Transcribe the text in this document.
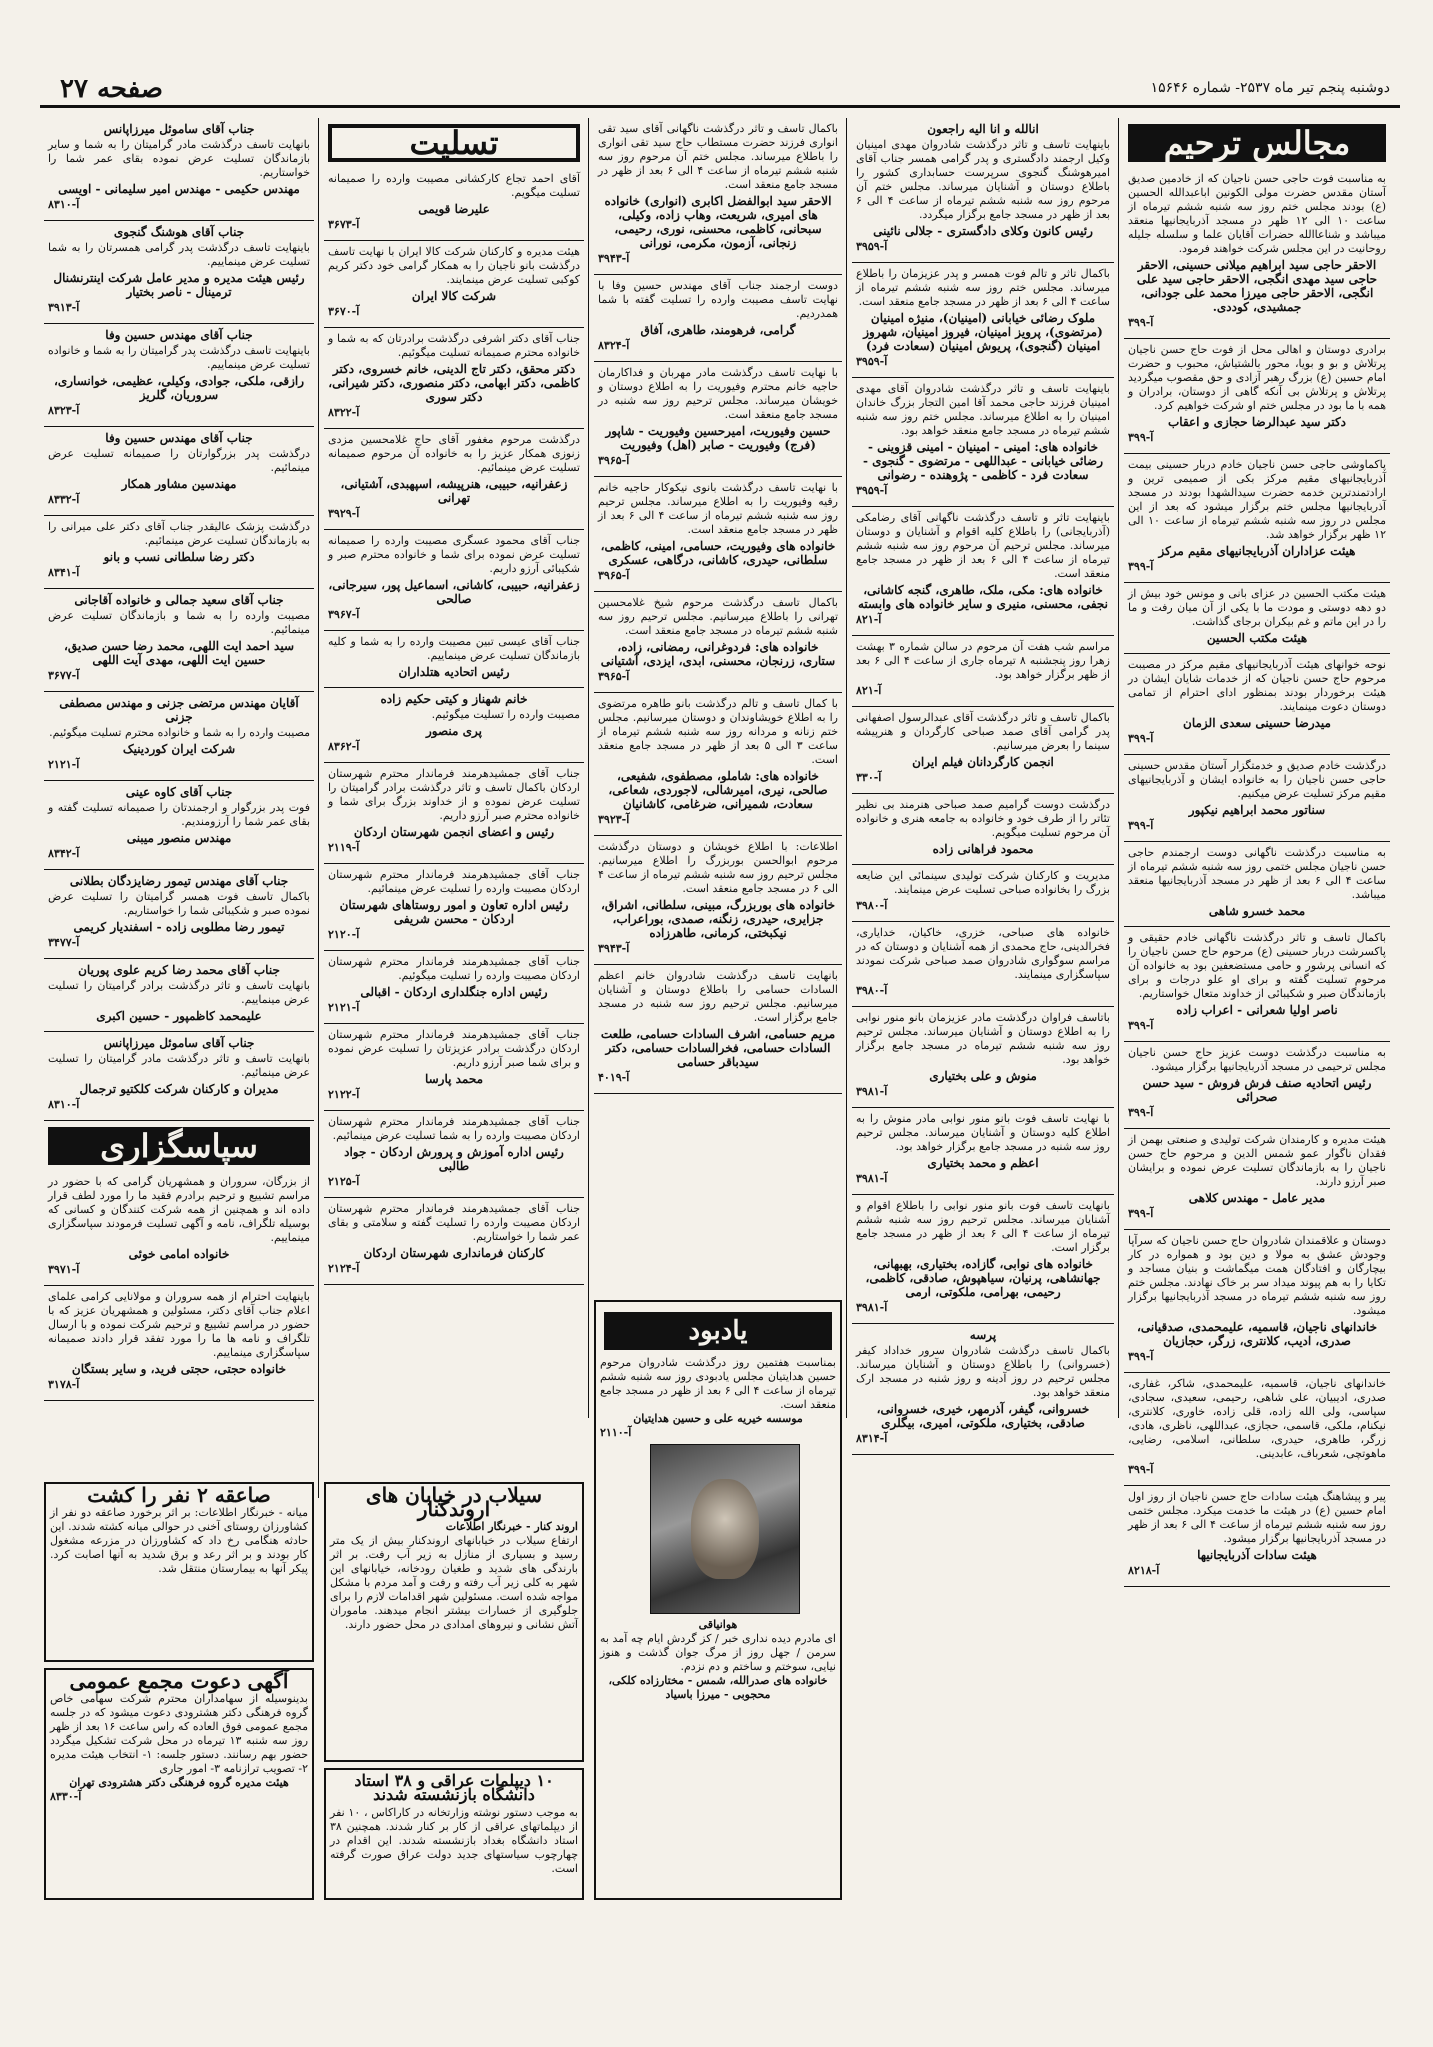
صفحه ۲۷	دوشنبه پنجم تیر ماه ۲۵۳۷- شماره ۱۵۶۴۶
مجالس ترحیم

به مناسبت فوت حاجی حسن ناجیان که از خادمین صدیق آستان مقدس حضرت مولی الکونین اباعبدالله الحسین (ع) بودند مجلس ختم روز سه شنبه ششم تیرماه از ساعت ۱۰ الی ۱۲ ظهر در مسجد آذربایجانیها منعقد میباشد و شناعاالله حضرات آقایان علما و سلسله جلیله روحانیت در این مجلس شرکت خواهند فرمود.

الاحقر حاجی سید ابراهیم میلانی حسینی، الاحقر حاجی سید مهدی انگجی، الاحقر حاجی سید علی انگجی، الاحقر حاجی میرزا محمد علی جودانی، جمشیدی، کوددی.

آ-۳۹۹

برادری دوستان و اهالی محل از فوت حاج حسن ناجیان پرتلاش و بو و بویا، محور بالشتیاش، محبوب و حضرت امام حسین (ع) بزرگ رهبر آزادی و حق مقصوب میگردید پرتلاش و پرتلاش بی آنکه گاهی از دوستان، برادران و همه با ما بود در مجلس ختم او شرکت خواهیم کرد.

دکتر سید عبدالرضا حجازی و اعقاب

آ-۳۹۹

پاکماوشی حاجی حسن ناجیان خادم دربار حسینی بیمت آذربایجانیهای مقیم مرکز بکی از صمیمی ترین و ارادتمندترین خدمه حضرت سیدالشهدا بودند در مسجد آذربایجانیها مجلس ختم برگزار میشود که بعد از این مجلس در روز سه شنبه ششم تیرماه از ساعت ۱۰ الی ۱۲ ظهر برگزار خواهد شد.

هیئت عزاداران آذربایجانیهای مقیم مرکز

آ-۳۹۹

هیئت مکتب الحسین در عزای بانی و مونس خود بیش از دو دهه دوستی و مودت ما با یکی از آن میان رفت و ما را در این ماتم و غم بیکران برجای گذاشت.

هیئت مکتب الحسین

نوحه خوانهای هیئت آذربایجانیهای مقیم مرکز در مصیبت مرحوم حاج حسن ناجیان که از خدمات شایان ایشان در هیئت برخوردار بودند بمنظور ادای احترام از تمامی دوستان دعوت مینمایند.

میدرضا حسینی سعدی الزمان

آ-۳۹۹

درگذشت خادم صدیق و خدمتگزار آستان مقدس حسینی حاجی حسن ناجیان را به خانواده ایشان و آذربایجانیهای مقیم مرکز تسلیت عرض میکنیم.

سناتور محمد ابراهیم نیکپور

آ-۳۹۹

به مناسبت درگذشت ناگهانی دوست ارجمندم حاجی حسن ناجیان مجلس ختمی روز سه شنبه ششم تیرماه از ساعت ۴ الی ۶ بعد از ظهر در مسجد آذربایجانیها منعقد میباشد.

محمد خسرو شاهی

باکمال تاسف و تاثر درگذشت ناگهانی خادم حقیقی و پاکسرشت دربار حسینی (ع) مرحوم حاج حسن ناجیان را که انسانی پرشور و حامی مستضعفین بود به خانواده آن مرحوم تسلیت گفته و برای او علو درجات و برای بازماندگان صبر و شکیبائی از خداوند متعال خواستاریم.

ناصر اولیا شعرانی - اعراب زاده

آ-۳۹۹

به مناسبت درگذشت دوست عزیز حاج حسن ناجیان مجلس ترحیمی در مسجد آذربایجانیها برگزار میشود.

رئیس اتحادیه صنف فرش فروش - سید حسن صحرائی

آ-۳۹۹

هیئت مدیره و کارمندان شرکت تولیدی و صنعتی بهمن از فقدان ناگوار عمو شمس الدین و مرحوم حاج حسن ناجیان را به بازماندگان تسلیت عرض نموده و برایشان صبر آرزو دارند.

مدیر عامل - مهندس کلاهی

آ-۳۹۹

دوستان و علاقمندان شادروان حاج حسن ناجیان که سرآپا وجودش عشق به مولا و دین بود و همواره در کار بیچارگان و افتادگان همت میگماشت و بنیان مساجد و تکایا را به هم پیوند میداد سر بر خاک نهادند. مجلس ختم روز سه شنبه ششم تیرماه در مسجد آذربایجانیها برگزار میشود.

خاندانهای ناجیان، قاسمیه، علیمحمدی، صدقیانی، صدری، ادیب، کلانتری، زرگر، حجازیان

آ-۳۹۹

خاندانهای ناجیان، قاسمیه، علیمحمدی، شاکر، غفاری، صدری، ادیبیان، علی شاهی، رحیمی، سعیدی، سجادی، سپاسی، ولی الله زاده، قلی زاده، خاوری، کلانتری، نیکنام، ملکی، قاسمی، حجازی، عبداللهی، ناظری، هادی، زرگر، طاهری، حیدری، سلطانی، اسلامی، رضایی، ماهوتچی، شعرباف، عابدینی.

آ-۳۹۹

پیر و پیشاهنگ هیئت سادات حاج حسن ناجیان از روز اول امام حسین (ع) در هیئت ما خدمت میکرد. مجلس ختمی روز سه شنبه ششم تیرماه از ساعت ۴ الی ۶ بعد از ظهر در مسجد آذربایجانیها برگزار میشود.

هیئت سادات آذربایجانیها

آ-۸۲۱۸

انالله و انا الیه راجعون

باینهایت تاسف و تاثر درگذشت شادروان مهدی امینیان وکیل ارجمند دادگستری و پدر گرامی همسر جناب آقای امیرهوشنگ گنجوی سرپرست حسابداری کشور را باطلاع دوستان و آشنایان میرساند. مجلس ختم آن مرحوم روز سه شنبه ششم تیرماه از ساعت ۴ الی ۶ بعد از ظهر در مسجد جامع برگزار میگردد.

رئیس کانون وکلای دادگستری - جلالی نائینی

آ-۳۹۵۹

باکمال تاثر و تالم فوت همسر و پدر عزیزمان را باطلاع میرساند. مجلس ختم روز سه شنبه ششم تیرماه از ساعت ۴ الی ۶ بعد از ظهر در مسجد جامع منعقد است.

ملوک رضائی خیابانی (امینیان)، منیژه امینیان (مرتضوی)، پرویز امینیان، فیروز امینیان، شهروز امینیان (گنجوی)، پریوش امینیان (سعادت فرد)

آ-۳۹۵۹

باینهایت تاسف و تاثر درگذشت شادروان آقای مهدی امینیان فرزند حاجی محمد آقا امین التجار بزرگ خاندان امینیان را به اطلاع میرساند. مجلس ختم روز سه شنبه ششم تیرماه در مسجد جامع منعقد خواهد بود.

خانواده های: امینی - امینیان - امینی قزوینی - رضائی خیابانی - عبداللهی - مرتضوی - گنجوی - سعادت فرد - کاظمی - پژوهنده - رضوانی

آ-۳۹۵۹

باینهایت تاثر و تاسف درگذشت ناگهانی آقای رضامکی (آذربایجانی) را باطلاع کلیه اقوام و آشنایان و دوستان میرساند. مجلس ترحیم آن مرحوم روز سه شنبه ششم تیرماه از ساعت ۴ الی ۶ بعد از ظهر در مسجد جامع منعقد است.

خانواده های: مکی، ملک، طاهری، گنجه کاشانی، نجفی، محسنی، منیری و سایر خانواده های وابسته

آ-۸۲۱

مراسم شب هفت آن مرحوم در سالن شماره ۳ بهشت زهرا روز پنجشنبه ۸ تیرماه جاری از ساعت ۴ الی ۶ بعد از ظهر برگزار خواهد بود.

آ-۸۲۱

باکمال تاسف و تاثر درگذشت آقای عبدالرسول اصفهانی پدر گرامی آقای صمد صباحی کارگردان و هنرپیشه سینما را بعرض میرسانیم.

انجمن کارگردانان فیلم ایران

آ-۳۳۰

درگذشت دوست گرامیم صمد صباحی هنرمند بی نظیر تئاتر را از طرف خود و خانواده به جامعه هنری و خانواده آن مرحوم تسلیت میگویم.

محمود فراهانی زاده

مدیریت و کارکنان شرکت تولیدی سینمائی این ضایعه بزرگ را بخانواده صباحی تسلیت عرض مینمایند.

آ-۳۹۸۰

خانواده های صباحی، خزری، خاکیان، خدایاری، فخرالدینی، حاج محمدی از همه آشنایان و دوستان که در مراسم سوگواری شادروان صمد صباحی شرکت نمودند سپاسگزاری مینمایند.

آ-۳۹۸۰

باتاسف فراوان درگذشت مادر عزیزمان بانو منور نوابی را به اطلاع دوستان و آشنایان میرساند. مجلس ترحیم روز سه شنبه ششم تیرماه در مسجد جامع برگزار خواهد بود.

منوش و علی بختیاری

آ-۳۹۸۱

با نهایت تاسف فوت بانو منور نوابی مادر منوش را به اطلاع کلیه دوستان و آشنایان میرساند. مجلس ترحیم روز سه شنبه در مسجد جامع برگزار خواهد بود.

اعظم و محمد بختیاری

آ-۳۹۸۱

بانهایت تاسف فوت بانو منور نوابی را باطلاع اقوام و آشنایان میرساند. مجلس ترحیم روز سه شنبه ششم تیرماه از ساعت ۴ الی ۶ بعد از ظهر در مسجد جامع برگزار است.

خانواده های نوابی، گازاده، بختیاری، بهبهانی، جهانشاهی، پرنیان، سیاهپوش، صادقی، کاظمی، رحیمی، بهرامی، ملکوتی، ارمی

آ-۳۹۸۱

پرسه

باکمال تاسف درگذشت شادروان سرور خداداد کیفر (خسروانی) را باطلاع دوستان و آشنایان میرساند. مجلس ترحیم در روز آدینه و روز شنبه در مسجد ارک منعقد خواهد بود.

خسروانی، گیفر، آذرمهر، خیری، خسروانی، صادقی، بختیاری، ملکوتی، امیری، بیگلری

آ-۸۳۱۴

باکمال تاسف و تاثر درگذشت ناگهانی آقای سید تقی انواری فرزند حضرت مستطاب حاج سید تقی انواری را باطلاع میرساند. مجلس ختم آن مرحوم روز سه شنبه ششم تیرماه از ساعت ۴ الی ۶ بعد از ظهر در مسجد جامع منعقد است.

الاحقر سید ابوالفضل اکابری (انواری) خانواده های امیری، شریعت، وهاب زاده، وکیلی، سبحانی، کاظمی، محسنی، نوری، رحیمی، زنجانی، آزمون، مکرمی، نورانی

آ-۳۹۴۳

دوست ارجمند جناب آقای مهندس حسین وفا با نهایت تاسف مصیبت وارده را تسلیت گفته با شما همدردیم.

گرامی، فرهومند، طاهری، آفاق

آ-۸۳۲۴

با نهایت تاسف درگذشت مادر مهربان و فداکارمان حاجیه خانم محترم وفیوریت را به اطلاع دوستان و خویشان میرساند. مجلس ترحیم روز سه شنبه در مسجد جامع منعقد است.

حسین وفیوریت، امیرحسین وفیوریت - شاپور (فرج) وفیوریت - صابر (اهل) وفیوریت

آ-۳۹۶۵

با نهایت تاسف درگذشت بانوی نیکوکار حاجیه خانم رقیه وفیوریت را به اطلاع میرساند. مجلس ترحیم روز سه شنبه ششم تیرماه از ساعت ۴ الی ۶ بعد از ظهر در مسجد جامع منعقد است.

خانواده های وفیوریت، حسامی، امینی، کاظمی، سلطانی، حیدری، کاشانی، درگاهی، عسکری

آ-۳۹۶۵

باکمال تاسف درگذشت مرحوم شیخ غلامحسین تهرانی را باطلاع میرسانیم. مجلس ترحیم روز سه شنبه ششم تیرماه در مسجد جامع منعقد است.

خانواده های: فردوغرانی، رمضانی، زاده، ستاری، زرنجان، محسنی، ابدی، ایزدی، آشتیانی

آ-۳۹۶۵

با کمال تاسف و تالم درگذشت بانو طاهره مرتضوی را به اطلاع خویشاوندان و دوستان میرسانیم. مجلس ختم زنانه و مردانه روز سه شنبه ششم تیرماه از ساعت ۳ الی ۵ بعد از ظهر در مسجد جامع منعقد است.

خانواده های: شاملو، مصطفوی، شفیعی، صالحی، نیری، امیرشالی، لاجوردی، شعاعی، سعادت، شمیرانی، ضرغامی، کاشانیان

آ-۳۹۲۳

اطلاعات: با اطلاع خویشان و دوستان درگذشت مرحوم ابوالحسن بوربزرگ را اطلاع میرسانیم. مجلس ترحیم روز سه شنبه ششم تیرماه از ساعت ۴ الی ۶ در مسجد جامع منعقد است.

خانواده های بوربزرگ، مبینی، سلطانی، اشراق، جزایری، حیدری، زنگنه، صمدی، بوراعراب، نیکبختی، کرمانی، طاهرزاده

آ-۳۹۴۳

بانهایت تاسف درگذشت شادروان خانم اعظم السادات حسامی را باطلاع دوستان و آشنایان میرسانیم. مجلس ترحیم روز سه شنبه در مسجد جامع برگزار است.

مریم حسامی، اشرف السادات حسامی، طلعت السادات حسامی، فخرالسادات حسامی، دکتر سیدباقر حسامی

آ-۴۰۱۹

تسلیت

آقای احمد تجاع کارکشانی مصیبت وارده را صمیمانه تسلیت میگویم.

علیرضا قویمی

آ-۳۶۷۳

هیئت مدیره و کارکنان شرکت کالا ایران با نهایت تاسف درگذشت بانو ناجیان را به همکار گرامی خود دکتر کریم کوکبی تسلیت عرض مینمایند.

شرکت کالا ایران

آ-۳۶۷۰

جناب آقای دکتر اشرفی درگذشت برادرتان که به شما و خانواده محترم صمیمانه تسلیت میگوئیم.

دکتر محقق، دکتر تاج الدینی، خانم خسروی، دکتر کاظمی، دکتر ابهامی، دکتر منصوری، دکتر شیرانی، دکتر سوری

آ-۸۳۲۲

درگذشت مرحوم مغفور آقای حاج غلامحسین مزدی زنوزی همکار عزیز را به خانواده آن مرحوم صمیمانه تسلیت عرض مینمائیم.

زعفرانیه، حبیبی، هنرپیشه، اسپهبدی، آشتیانی، تهرانی

آ-۳۹۲۹

جناب آقای محمود عسگری مصیبت وارده را صمیمانه تسلیت عرض نموده برای شما و خانواده محترم صبر و شکیبائی آرزو داریم.

زعفرانیه، حبیبی، کاشانی، اسماعیل پور، سیرجانی، صالحی

آ-۳۹۶۷

جناب آقای عیسی تبین مصیبت وارده را به شما و کلیه بازماندگان تسلیت عرض مینماییم.

رئیس اتحادیه هتلداران

خانم شهناز و کیتی حکیم زاده

مصیبت وارده را تسلیت میگوئیم.

پری منصور

آ-۸۳۶۲

جناب آقای جمشیدهرمند فرماندار محترم شهرستان اردکان باکمال تاسف و تاثر درگذشت برادر گرامیتان را تسلیت عرض نموده و از خداوند بزرگ برای شما و خانواده محترم صبر آرزو داریم.

رئیس و اعضای انجمن شهرستان اردکان

آ-۲۱۱۹

جناب آقای جمشیدهرمند فرماندار محترم شهرستان اردکان مصیبت وارده را تسلیت عرض مینمائیم.

رئیس اداره تعاون و امور روستاهای شهرستان اردکان - محسن شریفی

آ-۲۱۲۰

جناب آقای جمشیدهرمند فرماندار محترم شهرستان اردکان مصیبت وارده را تسلیت میگوئیم.

رئیس اداره جنگلداری اردکان - اقبالی

آ-۲۱۲۱

جناب آقای جمشیدهرمند فرماندار محترم شهرستان اردکان درگذشت برادر عزیزتان را تسلیت عرض نموده و برای شما صبر آرزو داریم.

محمد پارسا

آ-۲۱۲۲

جناب آقای جمشیدهرمند فرماندار محترم شهرستان اردکان مصیبت وارده را به شما تسلیت عرض مینمائیم.

رئیس اداره آموزش و پرورش اردکان - جواد طالبی

آ-۲۱۲۵

جناب آقای جمشیدهرمند فرماندار محترم شهرستان اردکان مصیبت وارده را تسلیت گفته و سلامتی و بقای عمر شما را خواستاریم.

کارکنان فرمانداری شهرستان اردکان

آ-۲۱۲۴

جناب آقای ساموئل میرزاپانس

بانهایت تاسف درگذشت مادر گرامیتان را به شما و سایر بازماندگان تسلیت عرض نموده بقای عمر شما را خواستاریم.

مهندس حکیمی - مهندس امیر سلیمانی - اویسی

آ-۸۳۱۰

جناب آقای هوشنگ گنجوی

باینهایت تاسف درگذشت پدر گرامی همسرتان را به شما تسلیت عرض مینماییم.

رئیس هیئت مدیره و مدیر عامل شرکت اینترنشنال ترمینال - ناصر بختیار

آ-۳۹۱۳

جناب آقای مهندس حسین وفا

باینهایت تاسف درگذشت پدر گرامیتان را به شما و خانواده تسلیت عرض مینماییم.

رازقی، ملکی، جوادی، وکیلی، عظیمی، خوانساری، سروریان، گلریز

آ-۸۳۲۳

جناب آقای مهندس حسین وفا

درگذشت پدر بزرگوارتان را صمیمانه تسلیت عرض مینمائیم.

مهندسین مشاور همکار

آ-۸۳۳۲

درگذشت پزشک عالیقدر جناب آقای دکتر علی میرانی را به بازماندگان تسلیت عرض مینمائیم.

دکتر رضا سلطانی نسب و بانو

آ-۸۳۴۱

جناب آقای سعید جمالی و خانواده آقاجانی

مصیبت وارده را به شما و بازماندگان تسلیت عرض مینمائیم.

سید احمد ایت اللهی، محمد رضا حسن صدیق، حسین ایت اللهی، مهدی آیت اللهی

آ-۳۶۷۷

آقایان مهندس مرتضی جزنی و مهندس مصطفی جزنی

مصیبت وارده را به شما و خانواده محترم تسلیت میگوئیم.

شرکت ایران کوردینیک

آ-۲۱۲۱

جناب آقای کاوه عینی

فوت پدر بزرگوار و ارجمندتان را صمیمانه تسلیت گفته و بقای عمر شما را آرزومندیم.

مهندس منصور میبنی

آ-۸۳۴۲

جناب آقای مهندس تیمور رضایزدگان بطلانی

باکمال تاسف فوت همسر گرامیتان را تسلیت عرض نموده صبر و شکیبائی شما را خواستاریم.

تیمور رضا مطلوبی زاده - اسفندیار کریمی

آ-۳۴۷۷

جناب آقای محمد رضا کریم علوی پوریان

بانهایت تاسف و تاثر درگذشت برادر گرامیتان را تسلیت عرض مینماییم.

علیمحمد کاظمپور - حسین اکبری

جناب آقای ساموئل میرزاپانس

بانهایت تاسف و تاثر درگذشت مادر گرامیتان را تسلیت عرض مینمائیم.

مدیران و کارکنان شرکت کلکتیو ترجمال

آ-۸۳۱۰

سپاسگزاری

از بزرگان، سروران و همشهریان گرامی که با حضور در مراسم تشییع و ترحیم برادرم فقید ما را مورد لطف قرار داده اند و همچنین از همه شرکت کنندگان و کسانی که بوسیله تلگراف، نامه و آگهی تسلیت فرمودند سپاسگزاری مینماییم.

خانواده امامی خوئی

آ-۳۹۷۱

باینهایت احترام از همه سروران و مولانایی کرامی علمای اعلام جناب آقای دکتر، مسئولین و همشهریان عزیز که با حضور در مراسم تشییع و ترحیم شرکت نموده و با ارسال تلگراف و نامه ها ما را مورد تفقد قرار دادند صمیمانه سپاسگزاری مینماییم.

خانواده حجتی، حجتی فرید، و سایر بستگان

آ-۳۱۷۸

یادبود

بمناسبت هفتمین روز درگذشت شادروان مرحوم حسین هدایتیان مجلس یادبودی روز سه شنبه ششم تیرماه از ساعت ۴ الی ۶ بعد از ظهر در مسجد جامع منعقد است.

موسسه خیریه علی و حسین هدایتیان

آ-۲۱۱۰

هوانیاقی

ای مادرم دیده نداری خبر / کز گردش ایام چه آمد به سرمن / جهل روز از مرگ جوان گذشت و هنوز نیایی، سوختم و ساختم و دم نزدم.

خانواده های صدرالله، شمس - مختارزاده کلکی، محجوبی - میرزا باسیاد

صاعقه ۲ نفر را کشت

میانه - خبرنگار اطلاعات: بر اثر برخورد صاعقه دو نفر از کشاورزان روستای آخنی در حوالی میانه کشته شدند. این حادثه هنگامی رخ داد که کشاورزان در مزرعه مشغول کار بودند و بر اثر رعد و برق شدید به آنها اصابت کرد. پیکر آنها به بیمارستان منتقل شد.

سیلاب در خیابان های اروندکنار

اروند کنار - خبرنگار اطلاعات

ارتفاع سیلاب در خیابانهای اروندکنار بیش از یک متر رسید و بسیاری از منازل به زیر آب رفت. بر اثر بارندگی های شدید و طغیان رودخانه، خیابانهای این شهر به کلی زیر آب رفته و رفت و آمد مردم با مشکل مواجه شده است. مسئولین شهر اقدامات لازم را برای جلوگیری از خسارات بیشتر انجام میدهند. ماموران آتش نشانی و نیروهای امدادی در محل حضور دارند.

آگهی دعوت مجمع عمومی

بدینوسیله از سهامداران محترم شرکت سهامی خاص گروه فرهنگی دکتر هشترودی دعوت میشود که در جلسه مجمع عمومی فوق العاده که راس ساعت ۱۶ بعد از ظهر روز سه شنبه ۱۳ تیرماه در محل شرکت تشکیل میگردد حضور بهم رسانند. دستور جلسه: ۱- انتخاب هیئت مدیره ۲- تصویب ترازنامه ۳- امور جاری

هیئت مدیره گروه فرهنگی دکتر هشترودی تهران

آ-۸۳۳۰

۱۰ دیپلمات عراقی و ۳۸ استاد دانشگاه بازنشسته شدند

به موجب دستور نوشته وزارتخانه در کاراکاس ، ۱۰ نفر از دیپلماتهای عراقی از کار بر کنار شدند. همچنین ۳۸ استاد دانشگاه بغداد بازنشسته شدند. این اقدام در چهارچوب سیاستهای جدید دولت عراق صورت گرفته است.
